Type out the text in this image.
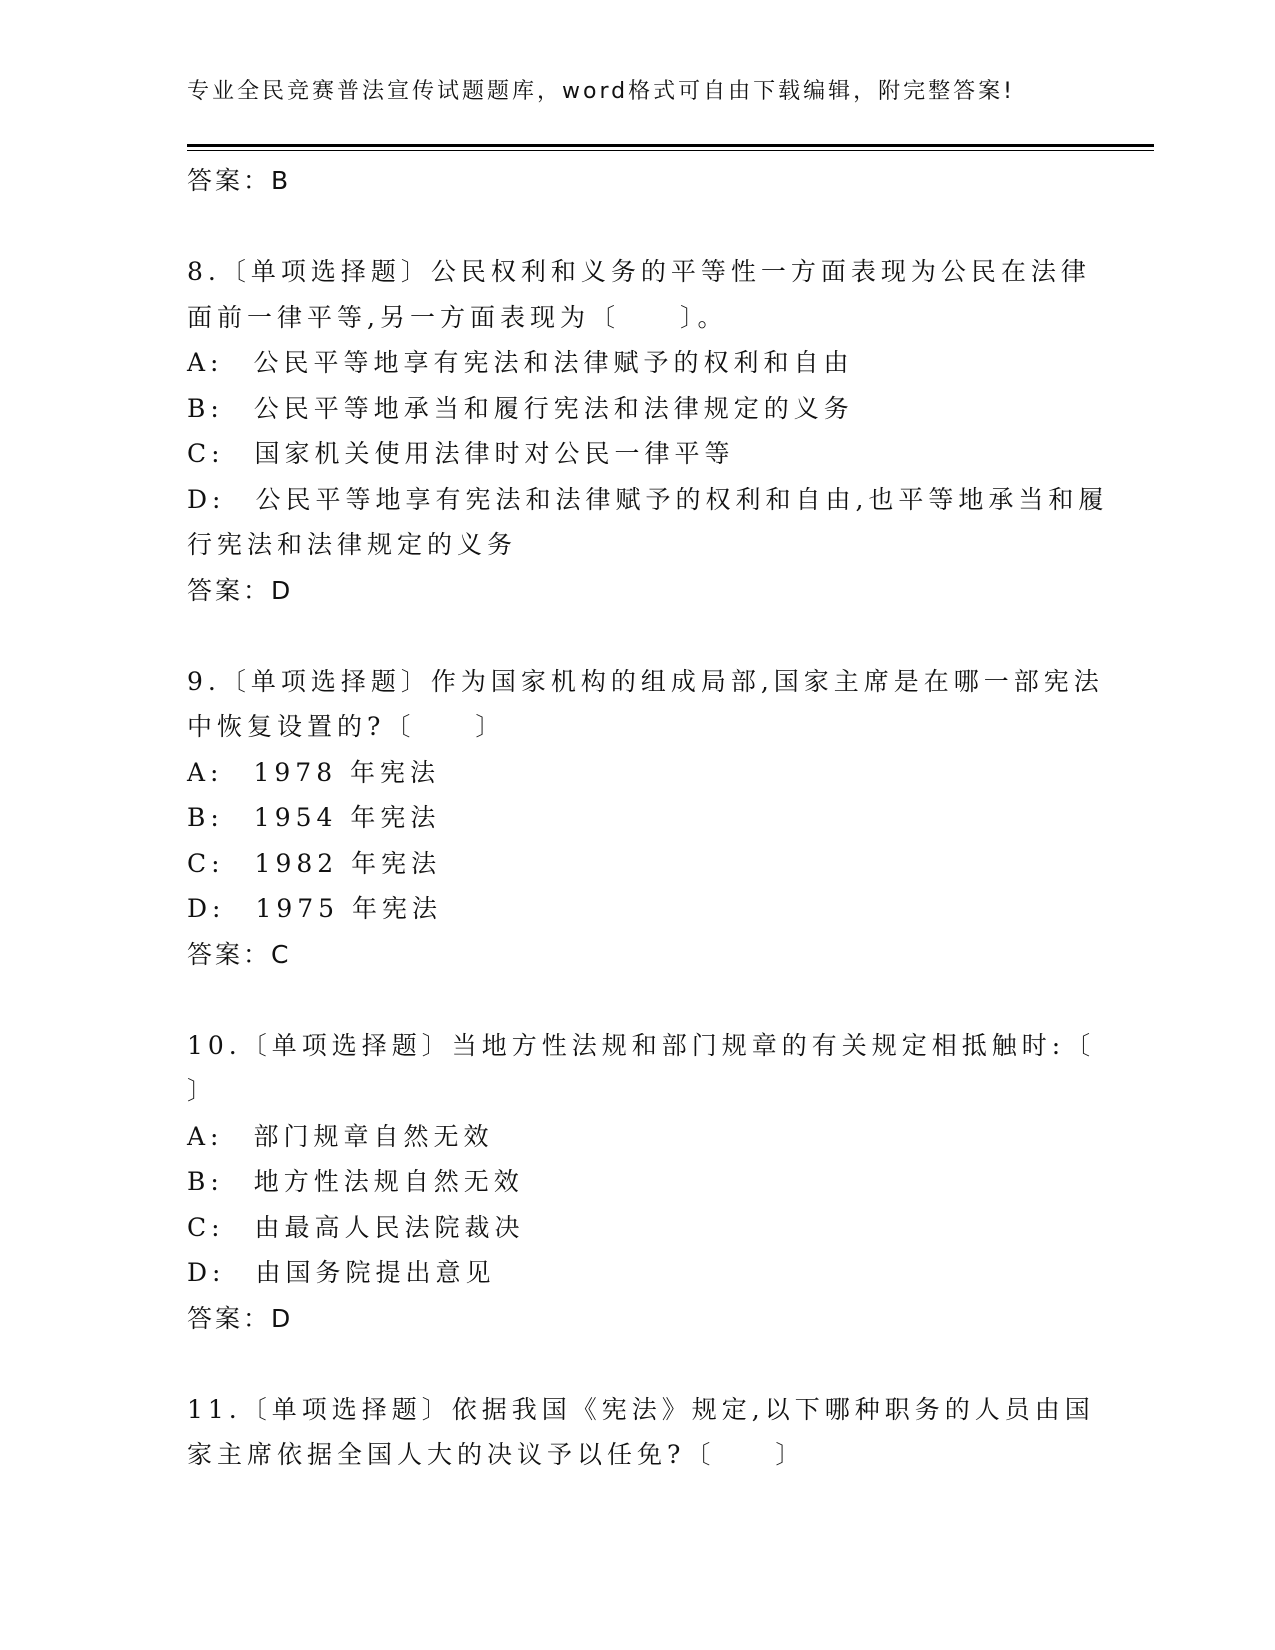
专业全民竞赛普法宣传试题题库，word格式可自由下载编辑，附完整答案!
答案：B
8.〔单项选择题〕公民权利和义务的平等性一方面表现为公民在法律
面前一律平等,另一方面表现为〔　　〕。
A:　公民平等地享有宪法和法律赋予的权利和自由
B:　公民平等地承当和履行宪法和法律规定的义务
C:　国家机关使用法律时对公民一律平等
D:　公民平等地享有宪法和法律赋予的权利和自由,也平等地承当和履
行宪法和法律规定的义务
答案：D
9.〔单项选择题〕作为国家机构的组成局部,国家主席是在哪一部宪法
中恢复设置的?〔　　〕
A:　1978 年宪法
B:　1954 年宪法
C:　1982 年宪法
D:　1975 年宪法
答案：C
10.〔单项选择题〕当地方性法规和部门规章的有关规定相抵触时:〔
〕
A:　部门规章自然无效
B:　地方性法规自然无效
C:　由最高人民法院裁决
D:　由国务院提出意见
答案：D
11.〔单项选择题〕依据我国《宪法》规定,以下哪种职务的人员由国
家主席依据全国人大的决议予以任免?〔　　〕
